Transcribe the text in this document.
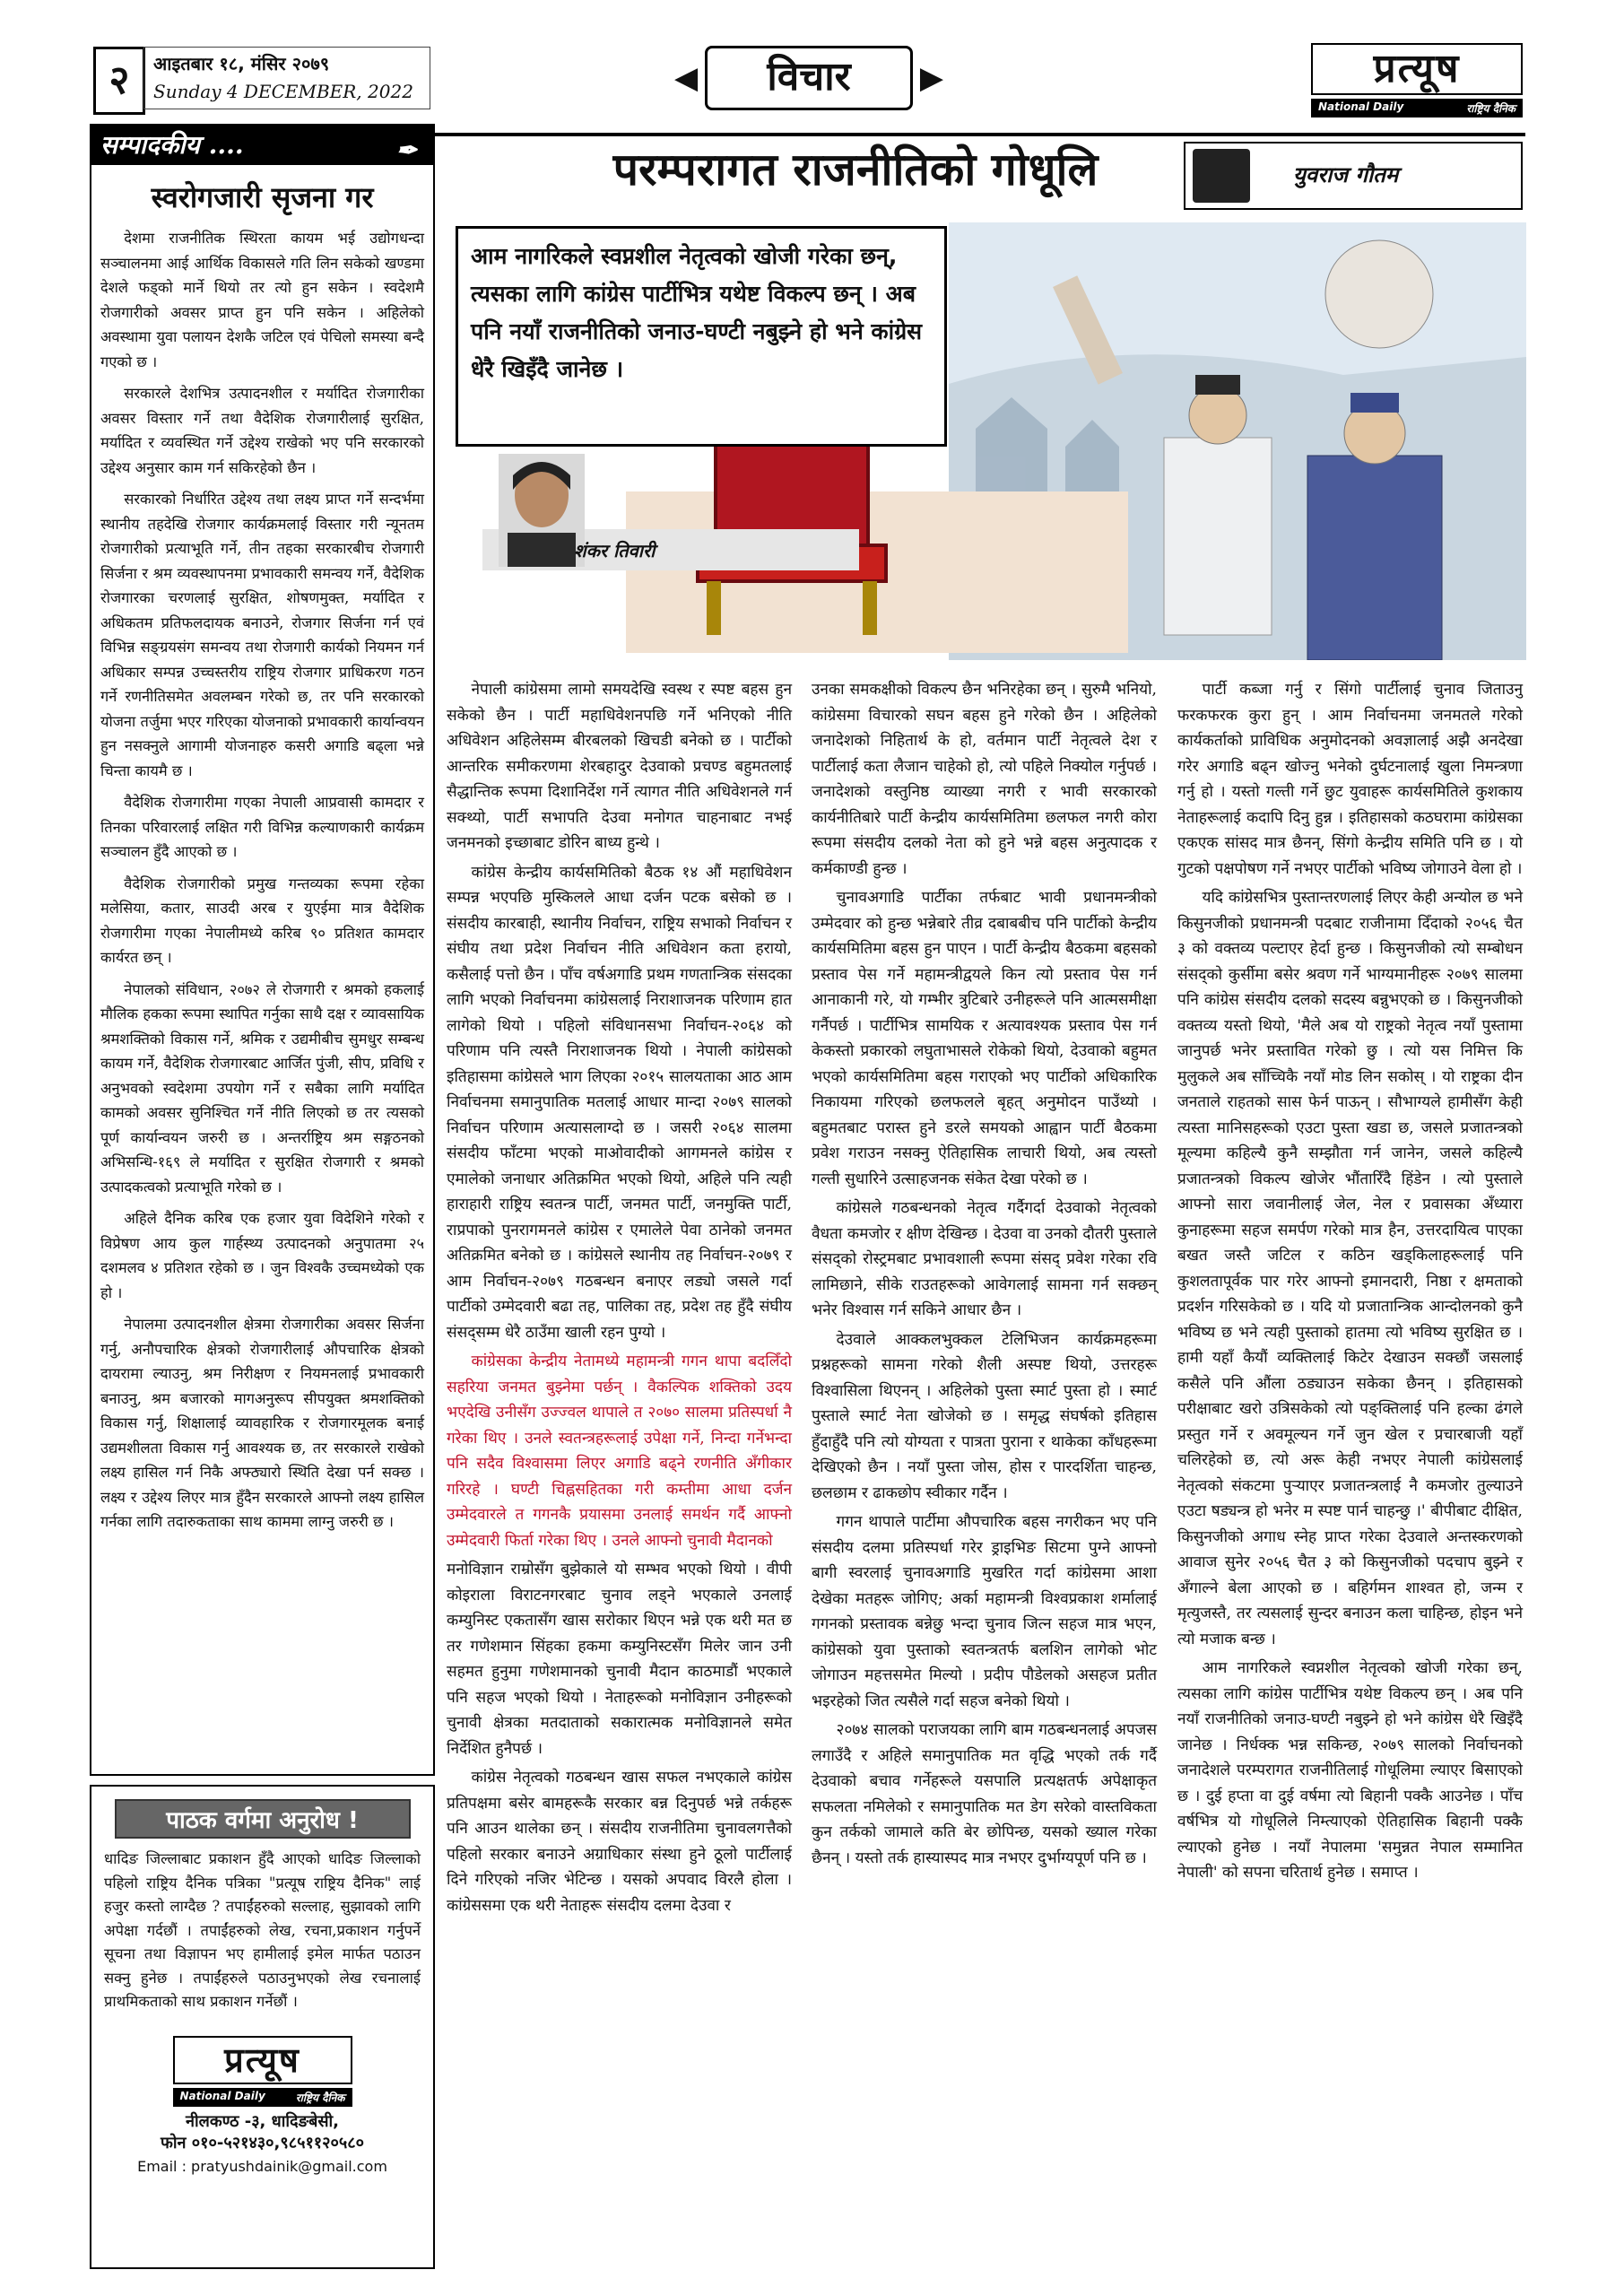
२	आइतबार १८, मंसिर २०७९
Sunday 4 DECEMBER, 2022	◀	विचार	▶	प्रत्यूष
National Daily	राष्ट्रिय दैनिक
सम्पादकीय ....	✒
स्वरोगजारी सृजना गर

देशमा राजनीतिक स्थिरता कायम भई उद्योगधन्दा सञ्चालनमा आई आर्थिक विकासले गति लिन सकेको खण्डमा देशले फड्को मार्ने थियो तर त्यो हुन सकेन । स्वदेशमै रोजगारीको अवसर प्राप्त हुन पनि सकेन । अहिलेको अवस्थामा युवा पलायन देशकै जटिल एवं पेचिलो समस्या बन्दै गएको छ ।

सरकारले देशभित्र उत्पादनशील र मर्यादित रोजगारीका अवसर विस्तार गर्ने तथा वैदेशिक रोजगारीलाई सुरक्षित, मर्यादित र व्यवस्थित गर्ने उद्देश्य राखेको भए पनि सरकारको उद्देश्य अनुसार काम गर्न सकिरहेको छैन ।

सरकारको निर्धारित उद्देश्य तथा लक्ष्य प्राप्त गर्ने सन्दर्भमा स्थानीय तहदेखि रोजगार कार्यक्रमलाई विस्तार गरी न्यूनतम रोजगारीको प्रत्याभूति गर्ने, तीन तहका सरकारबीच रोजगारी सिर्जना र श्रम व्यवस्थापनमा प्रभावकारी समन्वय गर्ने, वैदेशिक रोजगारका चरणलाई सुरक्षित, शोषणमुक्त, मर्यादित र अधिकतम प्रतिफलदायक बनाउने, रोजगार सिर्जना गर्न एवं विभिन्न सङ्ग्रयसंग समन्वय तथा रोजगारी कार्यको नियमन गर्न अधिकार सम्पन्न उच्चस्तरीय राष्ट्रिय रोजगार प्राधिकरण गठन गर्ने रणनीतिसमेत अवलम्बन गरेको छ, तर पनि सरकारको योजना तर्जुमा भएर गरिएका योजनाको प्रभावकारी कार्यान्वयन हुन नसक्नुले आगामी योजनाहरु कसरी अगाडि बढ्ला भन्ने चिन्ता कायमै छ ।

वैदेशिक रोजगारीमा गएका नेपाली आप्रवासी कामदार र तिनका परिवारलाई लक्षित गरी विभिन्न कल्याणकारी कार्यक्रम सञ्चालन हुँदै आएको छ ।

वैदेशिक रोजगारीको प्रमुख गन्तव्यका रूपमा रहेका मलेसिया, कतार, साउदी अरब र युएईमा मात्र वैदेशिक रोजगारीमा गएका नेपालीमध्ये करिब ९० प्रतिशत कामदार कार्यरत छन् ।

नेपालको संविधान, २०७२ ले रोजगारी र श्रमको हकलाई मौलिक हकका रूपमा स्थापित गर्नुका साथै दक्ष र व्यावसायिक श्रमशक्तिको विकास गर्ने, श्रमिक र उद्यमीबीच सुमधुर सम्बन्ध कायम गर्ने, वैदेशिक रोजगारबाट आर्जित पुंजी, सीप, प्रविधि र अनुभवको स्वदेशमा उपयोग गर्ने र सबैका लागि मर्यादित कामको अवसर सुनिश्चित गर्ने नीति लिएको छ तर त्यसको पूर्ण कार्यान्वयन जरुरी छ । अन्तर्राष्ट्रिय श्रम सङ्गठनको अभिसन्धि-१६९ ले मर्यादित र सुरक्षित रोजगारी र श्रमको उत्पादकत्वको प्रत्याभूति गरेको छ ।

अहिले दैनिक करिब एक हजार युवा विदेशिने गरेको र विप्रेषण आय कुल गार्हस्थ्य उत्पादनको अनुपातमा २५ दशमलव ४ प्रतिशत रहेको छ । जुन विश्वकै उच्चमध्येको एक हो ।

नेपालमा उत्पादनशील क्षेत्रमा रोजगारीका अवसर सिर्जना गर्नु, अनौपचारिक क्षेत्रको रोजगारीलाई औपचारिक क्षेत्रको दायरामा ल्याउनु, श्रम निरीक्षण र नियमनलाई प्रभावकारी बनाउनु, श्रम बजारको मागअनुरूप सीपयुक्त श्रमशक्तिको विकास गर्नु, शिक्षालाई व्यावहारिक र रोजगारमूलक बनाई उद्यमशीलता विकास गर्नु आवश्यक छ, तर सरकारले राखेको लक्ष्य हासिल गर्न निकै अफ्ठ्यारो स्थिति देखा पर्न सक्छ । लक्ष्य र उद्देश्य लिएर मात्र हुँदैन सरकारले आफ्नो लक्ष्य हासिल गर्नका लागि तदारुकताका साथ काममा लाग्नु जरुरी छ ।

पाठक वर्गमा अनुरोध !
धादिङ जिल्लाबाट प्रकाशन हुँदै आएको धादिङ जिल्लाको पहिलो राष्ट्रिय दैनिक पत्रिका "प्रत्यूष राष्ट्रिय दैनिक" लाई हजुर कस्तो लाग्दैछ ? तपाईंहरुको सल्लाह, सुझावको लागि अपेक्षा गर्दछौं । तपाईंहरुको लेख, रचना,प्रकाशन गर्नुपर्ने सूचना तथा विज्ञापन भए हामीलाई इमेल मार्फत पठाउन सक्नु हुनेछ । तपाईंहरुले पठाउनुभएको लेख रचनालाई प्राथमिकताको साथ प्रकाशन गर्नेछौं ।
प्रत्यूष
National Daily	राष्ट्रिय दैनिक
नीलकण्ठ -३, धादिङबेसी,
फोन ०१०-५२१४३०,९८५११२०५८०
Email : pratyushdainik@gmail.com
परम्परागत राजनीतिको गोधूलि	युवराज गौतम
आम नागरिकले स्वप्नशील नेतृत्वको खोजी गरेका छन्, त्यसका लागि कांग्रेस पार्टीभित्र यथेष्ट विकल्प छन् । अब पनि नयाँ राजनीतिको जनाउ-घण्टी नबुझ्ने हो भने कांग्रेस धेरै खिइँदै जानेछ ।
शंकर तिवारी

नेपाली कांग्रेसमा लामो समयदेखि स्वस्थ र स्पष्ट बहस हुन सकेको छैन । पार्टी महाधिवेशनपछि गर्ने भनिएको नीति अधिवेशन अहिलेसम्म बीरबलको खिचडी बनेको छ । पार्टीको आन्तरिक समीकरणमा शेरबहादुर देउवाको प्रचण्ड बहुमतलाई सैद्धान्तिक रूपमा दिशानिर्देश गर्ने त्यागत नीति अधिवेशनले गर्न सक्थ्यो, पार्टी सभापति देउवा मनोगत चाहनाबाट नभई जनमनको इच्छाबाट डोरिन बाध्य हुन्थे ।

कांग्रेस केन्द्रीय कार्यसमितिको बैठक १४ औं महाधिवेशन सम्पन्न भएपछि मुस्किलले आधा दर्जन पटक बसेको छ । संसदीय कारबाही, स्थानीय निर्वाचन, राष्ट्रिय सभाको निर्वाचन र संघीय तथा प्रदेश निर्वाचन नीति अधिवेशन कता हरायो, कसैलाई पत्तो छैन । पाँच वर्षअगाडि प्रथम गणतान्त्रिक संसदका लागि भएको निर्वाचनमा कांग्रेसलाई निराशाजनक परिणाम हात लागेको थियो । पहिलो संविधानसभा निर्वाचन-२०६४ को परिणाम पनि त्यस्तै निराशाजनक थियो । नेपाली कांग्रेसको इतिहासमा कांग्रेसले भाग लिएका २०१५ सालयताका आठ आम निर्वाचनमा समानुपातिक मतलाई आधार मान्दा २०७९ सालको निर्वाचन परिणाम अत्यासलाग्दो छ । जसरी २०६४ सालमा संसदीय फाँटमा भएको माओवादीको आगमनले कांग्रेस र एमालेको जनाधार अतिक्रमित भएको थियो, अहिले पनि त्यही हाराहारी राष्ट्रिय स्वतन्त्र पार्टी, जनमत पार्टी, जनमुक्ति पार्टी, राप्रपाको पुनरागमनले कांग्रेस र एमालेले पेवा ठानेको जनमत अतिक्रमित बनेको छ । कांग्रेसले स्थानीय तह निर्वाचन-२०७९ र आम निर्वाचन-२०७९ गठबन्धन बनाएर लड्यो जसले गर्दा पार्टीको उम्मेदवारी बढा तह, पालिका तह, प्रदेश तह हुँदै संघीय संसद्सम्म धेरै ठाउँमा खाली रहन पुग्यो ।

कांग्रेसका केन्द्रीय नेतामध्ये महामन्त्री गगन थापा बदलिँदो सहरिया जनमत बुझ्नेमा पर्छन् । वैकल्पिक शक्तिको उदय भएदेखि उनीसँग उज्ज्वल थापाले त २०७० सालमा प्रतिस्पर्धा नै गरेका थिए । उनले स्वतन्त्रहरूलाई उपेक्षा गर्ने, निन्दा गर्नेभन्दा पनि सदैव विश्वासमा लिएर अगाडि बढ्ने रणनीति अँगीकार गरिरहे । घण्टी चिह्नसहितका गरी कम्तीमा आधा दर्जन उम्मेदवारले त गगनकै प्रयासमा उनलाई समर्थन गर्दै आफ्नो उम्मेदवारी फिर्ता गरेका थिए । उनले आफ्नो चुनावी मैदानको

मनोविज्ञान राम्रोसँग बुझेकाले यो सम्भव भएको थियो । वीपी कोइराला विराटनगरबाट चुनाव लड्ने भएकाले उनलाई कम्युनिस्ट एकतासँग खास सरोकार थिएन भन्ने एक थरी मत छ तर गणेशमान सिंहका हकमा कम्युनिस्टसँग मिलेर जान उनी सहमत हुनुमा गणेशमानको चुनावी मैदान काठमाडौं भएकाले पनि सहज भएको थियो । नेताहरूको मनोविज्ञान उनीहरूको चुनावी क्षेत्रका मतदाताको सकारात्मक मनोविज्ञानले समेत निर्देशित हुनैपर्छ ।

कांग्रेस नेतृत्वको गठबन्धन खास सफल नभएकाले कांग्रेस प्रतिपक्षमा बसेर बामहरूकै सरकार बन्न दिनुपर्छ भन्ने तर्कहरू पनि आउन थालेका छन् । संसदीय राजनीतिमा चुनावलगत्तैको पहिलो सरकार बनाउने अग्राधिकार संस्था हुने ठूलो पार्टीलाई दिने गरिएको नजिर भेटिन्छ । यसको अपवाद विरलै होला । कांग्रेससमा एक थरी नेताहरू संसदीय दलमा देउवा र

उनका समकक्षीको विकल्प छैन भनिरहेका छन् । सुरुमै भनियो, कांग्रेसमा विचारको सघन बहस हुने गरेको छैन । अहिलेको जनादेशको निहितार्थ के हो, वर्तमान पार्टी नेतृत्वले देश र पार्टीलाई कता लैजान चाहेको हो, त्यो पहिले निक्योल गर्नुपर्छ । जनादेशको वस्तुनिष्ठ व्याख्या नगरी र भावी सरकारको कार्यनीतिबारे पार्टी केन्द्रीय कार्यसमितिमा छलफल नगरी कोरा रूपमा संसदीय दलको नेता को हुने भन्ने बहस अनुत्पादक र कर्मकाण्डी हुन्छ ।

चुनावअगाडि पार्टीका तर्फबाट भावी प्रधानमन्त्रीको उम्मेदवार को हुन्छ भन्नेबारे तीव्र दबाबबीच पनि पार्टीको केन्द्रीय कार्यसमितिमा बहस हुन पाएन । पार्टी केन्द्रीय बैठकमा बहसको प्रस्ताव पेस गर्ने महामन्त्रीद्वयले किन त्यो प्रस्ताव पेस गर्न आनाकानी गरे, यो गम्भीर त्रुटिबारे उनीहरूले पनि आत्मसमीक्षा गर्नैपर्छ । पार्टीभित्र सामयिक र अत्यावश्यक प्रस्ताव पेस गर्न केकस्तो प्रकारको लघुताभासले रोकेको थियो, देउवाको बहुमत भएको कार्यसमितिमा बहस गराएको भए पार्टीको अधिकारिक निकायमा गरिएको छलफलले बृहत् अनुमोदन पाउँथ्यो । बहुमतबाट परास्त हुने डरले समयको आह्वान पार्टी बैठकमा प्रवेश गराउन नसक्नु ऐतिहासिक लाचारी थियो, अब त्यस्तो गल्ती सुधारिने उत्साहजनक संकेत देखा परेको छ ।

कांग्रेसले गठबन्धनको नेतृत्व गर्दैगर्दा देउवाको नेतृत्वको वैधता कमजोर र क्षीण देखिन्छ । देउवा वा उनको दौतरी पुस्ताले संसद्को रोस्ट्रमबाट प्रभावशाली रूपमा संसद् प्रवेश गरेका रवि लामिछाने, सीके राउतहरूको आवेगलाई सामना गर्न सक्छन् भनेर विश्वास गर्न सकिने आधार छैन ।

देउवाले आक्कलभुक्कल टेलिभिजन कार्यक्रमहरूमा प्रश्नहरूको सामना गरेको शैली अस्पष्ट थियो, उत्तरहरू विश्वासिला थिएनन् । अहिलेको पुस्ता स्मार्ट पुस्ता हो । स्मार्ट पुस्ताले स्मार्ट नेता खोजेको छ । समृद्ध संघर्षको इतिहास हुँदाहुँदै पनि त्यो योग्यता र पात्रता पुराना र थाकेका काँधहरूमा देखिएको छैन । नयाँ पुस्ता जोस, होस र पारदर्शिता चाहन्छ, छलछाम र ढाकछोप स्वीकार गर्दैन ।

गगन थापाले पार्टीमा औपचारिक बहस नगरीकन भए पनि संसदीय दलमा प्रतिस्पर्धा गरेर ड्राइभिङ सिटमा पुग्ने आफ्नो बागी स्वरलाई चुनावअगाडि मुखरित गर्दा कांग्रेसमा आशा देखेका मतहरू जोगिए; अर्का महामन्त्री विश्वप्रकाश शर्मालाई गगनको प्रस्तावक बन्नेछु भन्दा चुनाव जित्न सहज मात्र भएन, कांग्रेसको युवा पुस्ताको स्वतन्त्रतर्फ बलशिन लागेको भोट जोगाउन महत्तसमेत मिल्यो । प्रदीप पौडेलको असहज प्रतीत भइरहेको जित त्यसैले गर्दा सहज बनेको थियो ।

२०७४ सालको पराजयका लागि बाम गठबन्धनलाई अपजस लगाउँदै र अहिले समानुपातिक मत वृद्धि भएको तर्क गर्दै देउवाको बचाव गर्नेहरूले यसपालि प्रत्यक्षतर्फ अपेक्षाकृत सफलता नमिलेको र समानुपातिक मत डेग सरेको वास्तविकता कुन तर्कको जामाले कति बेर छोपिन्छ, यसको ख्याल गरेका छैनन् । यस्तो तर्क हास्यास्पद मात्र नभएर दुर्भाग्यपूर्ण पनि छ ।

पार्टी कब्जा गर्नु र सिंगो पार्टीलाई चुनाव जिताउनु फरकफरक कुरा हुन् । आम निर्वाचनमा जनमतले गरेको कार्यकर्ताको प्राविधिक अनुमोदनको अवज्ञालाई अझै अनदेखा गरेर अगाडि बढ्न खोज्नु भनेको दुर्घटनालाई खुला निमन्त्रणा गर्नु हो । यस्तो गल्ती गर्ने छुट युवाहरू कार्यसमितिले कुशकाय नेताहरूलाई कदापि दिनु हुन्न । इतिहासको कठघरामा कांग्रेसका एकएक सांसद मात्र छैनन्, सिंगो केन्द्रीय समिति पनि छ । यो गुटको पक्षपोषण गर्ने नभएर पार्टीको भविष्य जोगाउने वेला हो ।

यदि कांग्रेसभित्र पुस्तान्तरणलाई लिएर केही अन्योल छ भने किसुनजीको प्रधानमन्त्री पदबाट राजीनामा दिँदाको २०५६ चैत ३ को वक्तव्य पल्टाएर हेर्दा हुन्छ । किसुनजीको त्यो सम्बोधन संसद्को कुर्सीमा बसेर श्रवण गर्ने भाग्यमानीहरू २०७९ सालमा पनि कांग्रेस संसदीय दलको सदस्य बन्नुभएको छ । किसुनजीको वक्तव्य यस्तो थियो, 'मैले अब यो राष्ट्रको नेतृत्व नयाँ पुस्तामा जानुपर्छ भनेर प्रस्तावित गरेको छु । त्यो यस निमित्त कि मुलुकले अब साँच्चिकै नयाँ मोड लिन सकोस् । यो राष्ट्रका दीन जनताले राहतको सास फेर्न पाऊन् । सौभाग्यले हामीसँग केही त्यस्ता मानिसहरूको एउटा पुस्ता खडा छ, जसले प्रजातन्त्रको मूल्यमा कहिल्यै कुनै सम्झौता गर्न जानेन, जसले कहिल्यै प्रजातन्त्रको विकल्प खोजेर भौंतारिँदै हिंडेन । त्यो पुस्ताले आफ्नो सारा जवानीलाई जेल, नेल र प्रवासका अँध्यारा कुनाहरूमा सहज समर्पण गरेको मात्र हैन, उत्तरदायित्व पाएका बखत जस्तै जटिल र कठिन खड्किलाहरूलाई पनि कुशलतापूर्वक पार गरेर आफ्नो इमानदारी, निष्ठा र क्षमताको प्रदर्शन गरिसकेको छ । यदि यो प्रजातान्त्रिक आन्दोलनको कुनै भविष्य छ भने त्यही पुस्ताको हातमा त्यो भविष्य सुरक्षित छ । हामी यहाँ कैयौं व्यक्तिलाई किटेर देखाउन सक्छौं जसलाई कसैले पनि औंला ठड्याउन सकेका छैनन् । इतिहासको परीक्षाबाट खरो उत्रिसकेको त्यो पङ्क्तिलाई पनि हल्का ढंगले प्रस्तुत गर्ने र अवमूल्यन गर्ने जुन खेल र प्रचारबाजी यहाँ चलिरहेको छ, त्यो अरू केही नभएर नेपाली कांग्रेसलाई नेतृत्वको संकटमा पुऱ्याएर प्रजातन्त्रलाई नै कमजोर तुल्याउने एउटा षड्यन्त्र हो भनेर म स्पष्ट पार्न चाहन्छु ।' बीपीबाट दीक्षित, किसुनजीको अगाध स्नेह प्राप्त गरेका देउवाले अन्तस्करणको आवाज सुनेर २०५६ चैत ३ को किसुनजीको पदचाप बुझ्ने र अँगाल्ने बेला आएको छ । बहिर्गमन शाश्वत हो, जन्म र मृत्युजस्तै, तर त्यसलाई सुन्दर बनाउन कला चाहिन्छ, होइन भने त्यो मजाक बन्छ ।

आम नागरिकले स्वप्नशील नेतृत्वको खोजी गरेका छन्, त्यसका लागि कांग्रेस पार्टीभित्र यथेष्ट विकल्प छन् । अब पनि नयाँ राजनीतिको जनाउ-घण्टी नबुझ्ने हो भने कांग्रेस धेरै खिइँदै जानेछ । निर्धक्क भन्न सकिन्छ, २०७९ सालको निर्वाचनको जनादेशले परम्परागत राजनीतिलाई गोधूलिमा ल्याएर बिसाएको छ । दुई हप्ता वा दुई वर्षमा त्यो बिहानी पक्कै आउनेछ । पाँच वर्षभित्र यो गोधूलिले निम्त्याएको ऐतिहासिक बिहानी पक्कै ल्याएको हुनेछ । नयाँ नेपालमा 'समुन्नत नेपाल सम्मानित नेपाली' को सपना चरितार्थ हुनेछ । समाप्त ।
